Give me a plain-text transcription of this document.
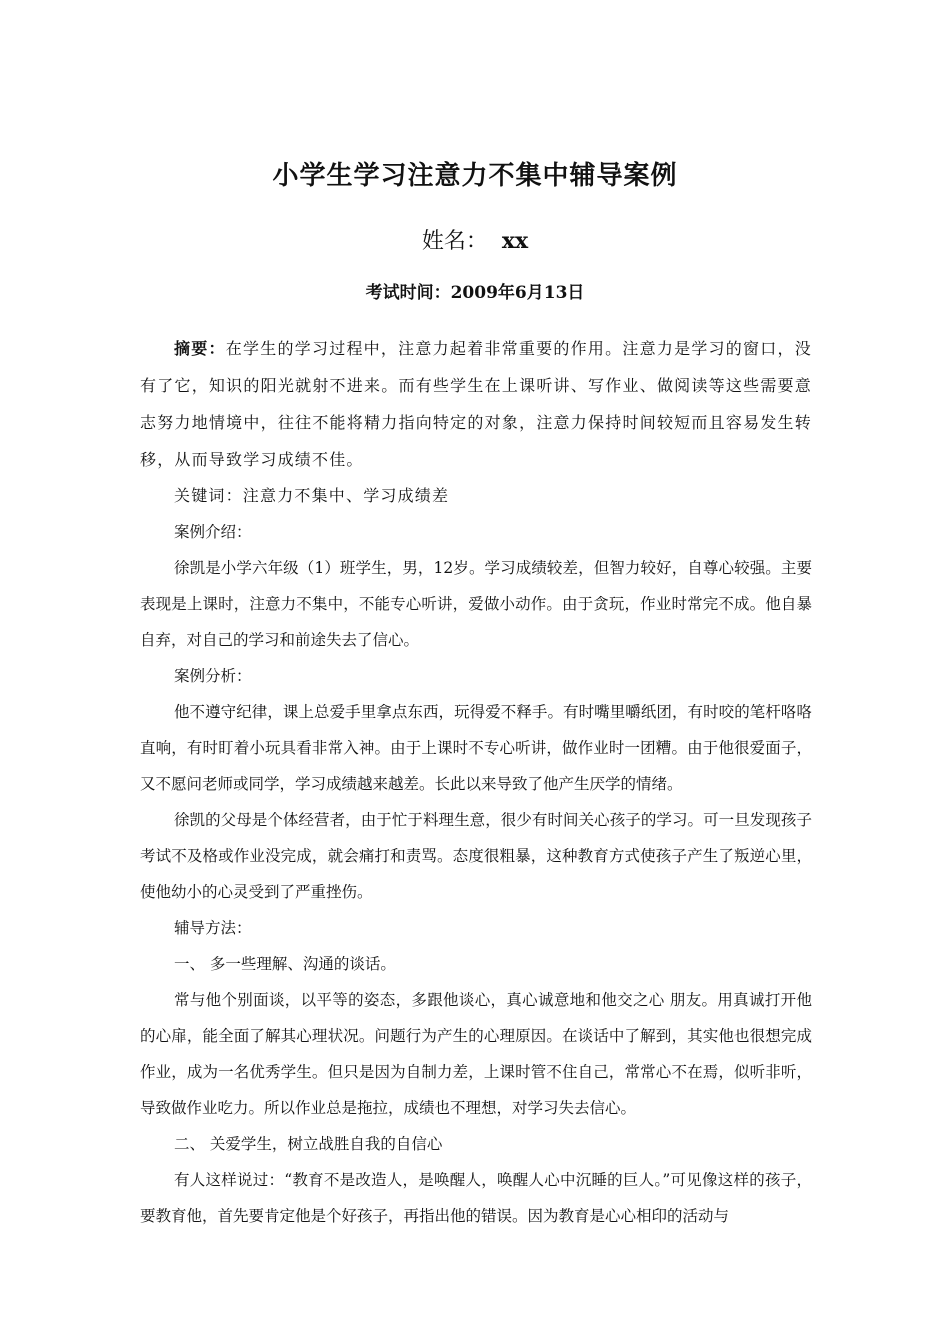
小学生学习注意力不集中辅导案例
姓名： xx
考试时间：2009年6月13日

摘要：在学生的学习过程中，注意力起着非常重要的作用。注意力是学习的窗口，没有了它，知识的阳光就射不进来。而有些学生在上课听讲、写作业、做阅读等这些需要意志努力地情境中，往往不能将精力指向特定的对象，注意力保持时间较短而且容易发生转移，从而导致学习成绩不佳。

关键词：注意力不集中、学习成绩差

案例介绍：

徐凯是小学六年级（1）班学生，男，12岁。学习成绩较差，但智力较好，自尊心较强。主要表现是上课时，注意力不集中，不能专心听讲，爱做小动作。由于贪玩，作业时常完不成。他自暴自弃，对自己的学习和前途失去了信心。

案例分析：

他不遵守纪律，课上总爱手里拿点东西，玩得爱不释手。有时嘴里嚼纸团，有时咬的笔杆咯咯直响，有时盯着小玩具看非常入神。由于上课时不专心听讲，做作业时一团糟。由于他很爱面子，又不愿问老师或同学，学习成绩越来越差。长此以来导致了他产生厌学的情绪。

徐凯的父母是个体经营者，由于忙于料理生意，很少有时间关心孩子的学习。可一旦发现孩子考试不及格或作业没完成，就会痛打和责骂。态度很粗暴，这种教育方式使孩子产生了叛逆心里，使他幼小的心灵受到了严重挫伤。

辅导方法：

一、 多一些理解、沟通的谈话。

常与他个别面谈，以平等的姿态，多跟他谈心，真心诚意地和他交之心 朋友。用真诚打开他的心扉，能全面了解其心理状况。问题行为产生的心理原因。在谈话中了解到，其实他也很想完成作业，成为一名优秀学生。但只是因为自制力差，上课时管不住自己，常常心不在焉，似听非听，导致做作业吃力。所以作业总是拖拉，成绩也不理想，对学习失去信心。

二、 关爱学生，树立战胜自我的自信心

有人这样说过：“教育不是改造人，是唤醒人，唤醒人心中沉睡的巨人。”可见像这样的孩子，要教育他，首先要肯定他是个好孩子，再指出他的错误。因为教育是心心相印的活动与
